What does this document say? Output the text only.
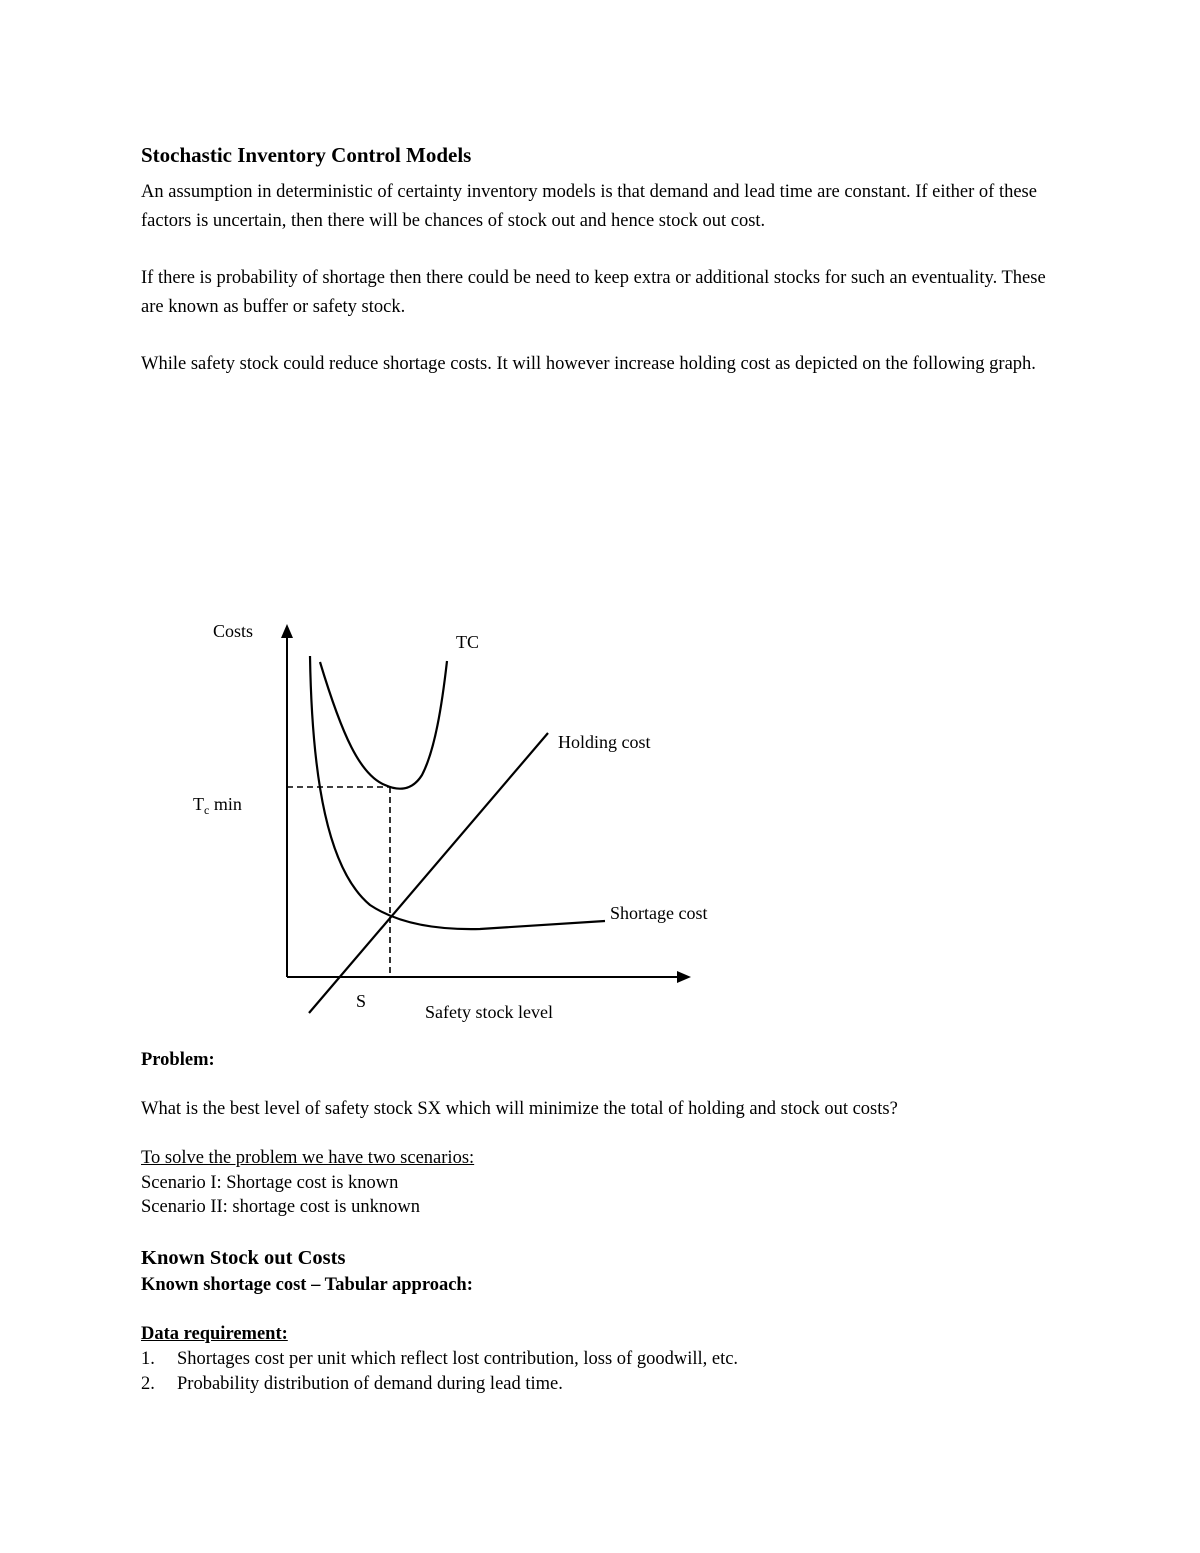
Stochastic Inventory Control Models
An assumption in deterministic of certainty inventory models is that demand and lead time are constant. If either of these factors is uncertain, then there will be chances of stock out and hence stock out cost.
If there is probability of shortage then there could be need to keep extra or additional stocks for such an eventuality. These are known as buffer or safety stock.
While safety stock could reduce shortage costs. It will however increase holding cost as depicted on the following graph.
Costs
TC
Holding cost
Shortage cost
$T_c$ min
S
Safety stock level
Problem:
What is the best level of safety stock SX which will minimize the total of holding and stock out costs?
To solve the problem we have two scenarios:
Scenario I: Shortage cost is known
Scenario II: shortage cost is unknown
Known Stock out Costs
Known shortage cost – Tabular approach:
Data requirement:
1. Shortages cost per unit which reflect lost contribution, loss of goodwill, etc.
2. Probability distribution of demand during lead time.
